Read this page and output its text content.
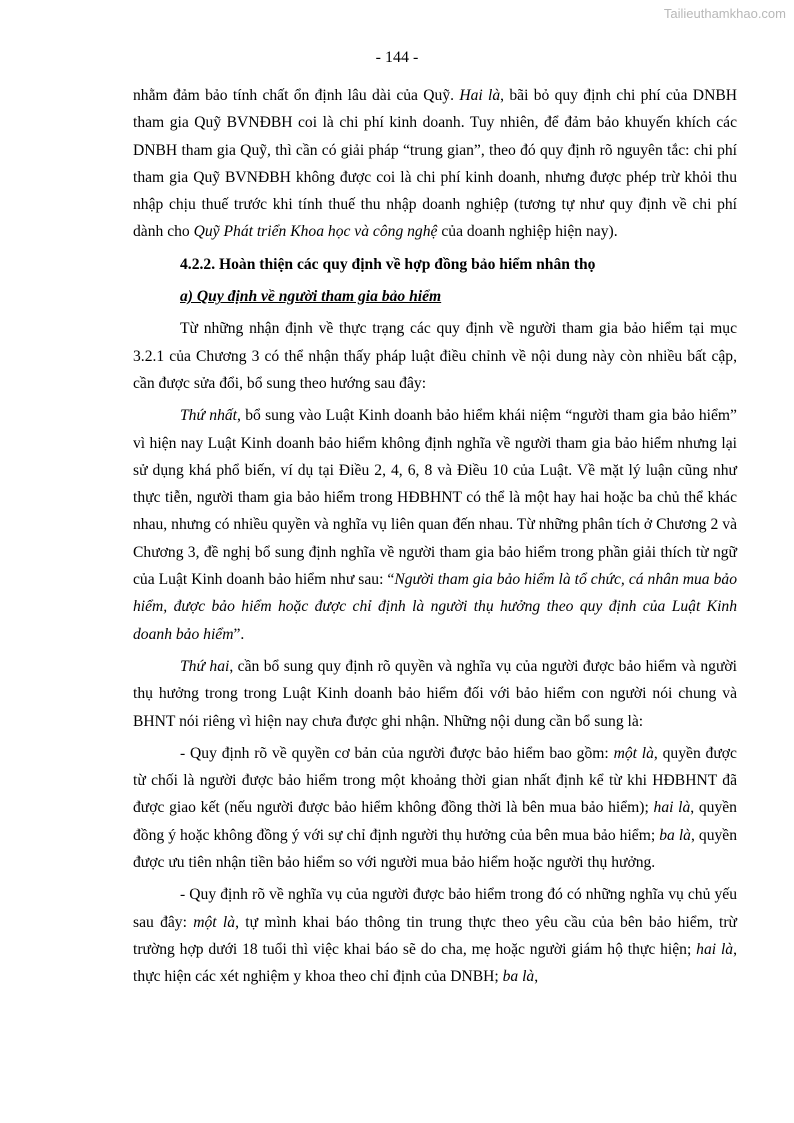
Tailieuthamkhao.com
- 144 -

nhằm đảm bảo tính chất ổn định lâu dài của Quỹ. Hai là, bãi bỏ quy định chi phí của DNBH tham gia Quỹ BVNĐBH coi là chi phí kinh doanh. Tuy nhiên, để đảm bảo khuyến khích các DNBH tham gia Quỹ, thì cần có giải pháp “trung gian”, theo đó quy định rõ nguyên tắc: chi phí tham gia Quỹ BVNĐBH không được coi là chi phí kinh doanh, nhưng được phép trừ khỏi thu nhập chịu thuế trước khi tính thuế thu nhập doanh nghiệp (tương tự như quy định về chi phí dành cho Quỹ Phát triển Khoa học và công nghệ của doanh nghiệp hiện nay).

4.2.2. Hoàn thiện các quy định về hợp đồng bảo hiểm nhân thọ

a) Quy định về người tham gia bảo hiểm

Từ những nhận định về thực trạng các quy định về người tham gia bảo hiểm tại mục 3.2.1 của Chương 3 có thể nhận thấy pháp luật điều chỉnh về nội dung này còn nhiều bất cập, cần được sửa đổi, bổ sung theo hướng sau đây:

Thứ nhất, bổ sung vào Luật Kinh doanh bảo hiểm khái niệm “người tham gia bảo hiểm” vì hiện nay Luật Kinh doanh bảo hiểm không định nghĩa về người tham gia bảo hiểm nhưng lại sử dụng khá phổ biến, ví dụ tại Điều 2, 4, 6, 8 và Điều 10 của Luật. Về mặt lý luận cũng như thực tiễn, người tham gia bảo hiểm trong HĐBHNT có thể là một hay hai hoặc ba chủ thể khác nhau, nhưng có nhiều quyền và nghĩa vụ liên quan đến nhau. Từ những phân tích ở Chương 2 và Chương 3, đề nghị bổ sung định nghĩa về người tham gia bảo hiểm trong phần giải thích từ ngữ của Luật Kinh doanh bảo hiểm như sau: “Người tham gia bảo hiểm là tổ chức, cá nhân mua bảo hiểm, được bảo hiểm hoặc được chỉ định là người thụ hưởng theo quy định của Luật Kinh doanh bảo hiểm”.

Thứ hai, cần bổ sung quy định rõ quyền và nghĩa vụ của người được bảo hiểm và người thụ hưởng trong trong Luật Kinh doanh bảo hiểm đối với bảo hiểm con người nói chung và BHNT nói riêng vì hiện nay chưa được ghi nhận. Những nội dung cần bổ sung là:

- Quy định rõ về quyền cơ bản của người được bảo hiểm bao gồm: một là, quyền được từ chối là người được bảo hiểm trong một khoảng thời gian nhất định kể từ khi HĐBHNT đã được giao kết (nếu người được bảo hiểm không đồng thời là bên mua bảo hiểm); hai là, quyền đồng ý hoặc không đồng ý với sự chỉ định người thụ hưởng của bên mua bảo hiểm; ba là, quyền được ưu tiên nhận tiền bảo hiểm so với người mua bảo hiểm hoặc người thụ hưởng.

- Quy định rõ về nghĩa vụ của người được bảo hiểm trong đó có những nghĩa vụ chủ yếu sau đây: một là, tự mình khai báo thông tin trung thực theo yêu cầu của bên bảo hiểm, trừ trường hợp dưới 18 tuổi thì việc khai báo sẽ do cha, mẹ hoặc người giám hộ thực hiện; hai là, thực hiện các xét nghiệm y khoa theo chỉ định của DNBH; ba là,
